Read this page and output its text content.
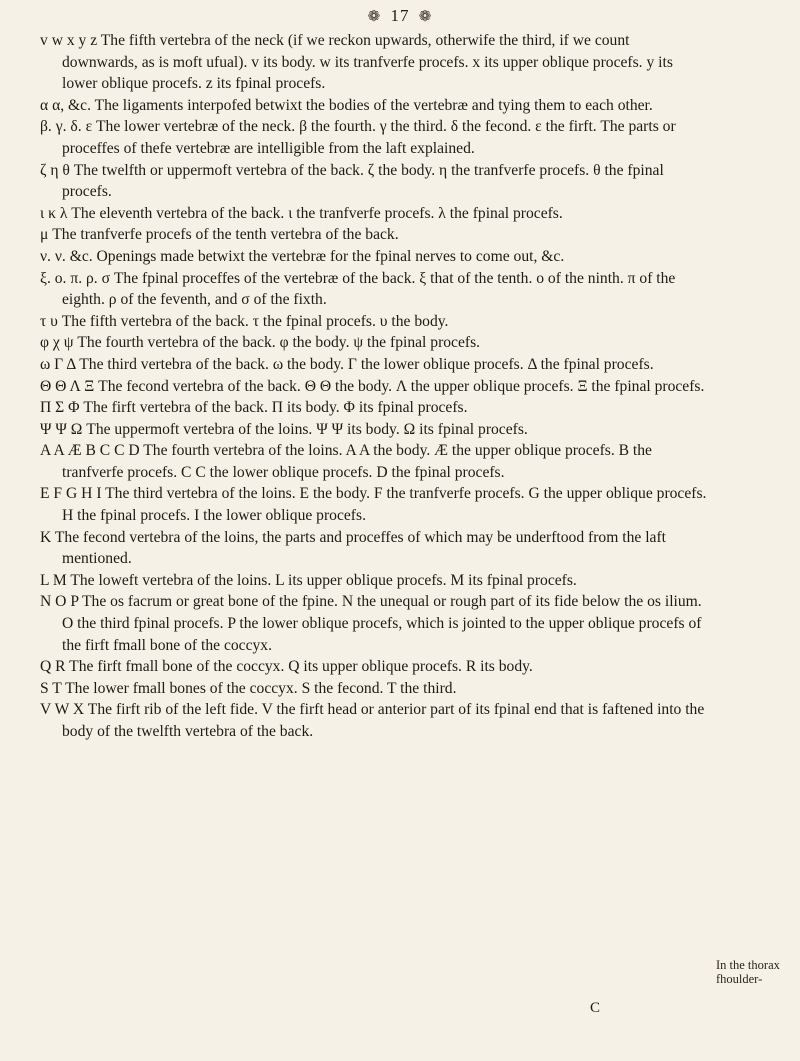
❁ 17 ❁

v w x y z The fifth vertebra of the neck (if we reckon upwards, otherwife the third, if we count downwards, as is moft ufual). v its body. w its tranfverfe procefs. x its upper oblique procefs. y its lower oblique procefs. z its fpinal procefs.

α α, &c. The ligaments interpofed betwixt the bodies of the vertebræ and tying them to each other.

β. γ. δ. ε The lower vertebræ of the neck. β the fourth. γ the third. δ the fecond. ε the firft. The parts or proceffes of thefe vertebræ are intelligible from the laft explained.

ζ η θ The twelfth or uppermoft vertebra of the back. ζ the body. η the tranfverfe procefs. θ the fpinal procefs.

ι κ λ The eleventh vertebra of the back. ι the tranfverfe procefs. λ the fpinal procefs.

μ The tranfverfe procefs of the tenth vertebra of the back.

ν. ν. &c. Openings made betwixt the vertebræ for the fpinal nerves to come out, &c.

ξ. ο. π. ρ. σ The fpinal proceffes of the vertebræ of the back. ξ that of the tenth. ο of the ninth. π of the eighth. ρ of the feventh, and σ of the fixth.

τ υ The fifth vertebra of the back. τ the fpinal procefs. υ the body.

φ χ ψ The fourth vertebra of the back. φ the body. ψ the fpinal procefs.

ω Γ Δ The third vertebra of the back. ω the body. Γ the lower oblique procefs. Δ the fpinal procefs.

Θ Θ Λ Ξ The fecond vertebra of the back. Θ Θ the body. Λ the upper oblique procefs. Ξ the fpinal procefs.

Π Σ Φ The firft vertebra of the back. Π its body. Φ its fpinal procefs.

Ψ Ψ Ω The uppermoft vertebra of the loins. Ψ Ψ its body. Ω its fpinal procefs.

A A Æ B C C D The fourth vertebra of the loins. A A the body. Æ the upper oblique procefs. B the tranfverfe procefs. C C the lower oblique procefs. D the fpinal procefs.

E F G H I The third vertebra of the loins. E the body. F the tranfverfe procefs. G the upper oblique procefs. H the fpinal procefs. I the lower oblique procefs.

K The fecond vertebra of the loins, the parts and proceffes of which may be underftood from the laft mentioned.

L M The loweft vertebra of the loins. L its upper oblique procefs. M its fpinal procefs.

N O P The os facrum or great bone of the fpine. N the unequal or rough part of its fide below the os ilium. O the third fpinal procefs. P the lower oblique procefs, which is jointed to the upper oblique procefs of the firft fmall bone of the coccyx.

Q R The firft fmall bone of the coccyx. Q its upper oblique procefs. R its body.

S T The lower fmall bones of the coccyx. S the fecond. T the third.

V W X The firft rib of the left fide. V the firft head or anterior part of its fpinal end that is faftened into the body of the twelfth vertebra of the back.

C
In the thorax fhoulder-
